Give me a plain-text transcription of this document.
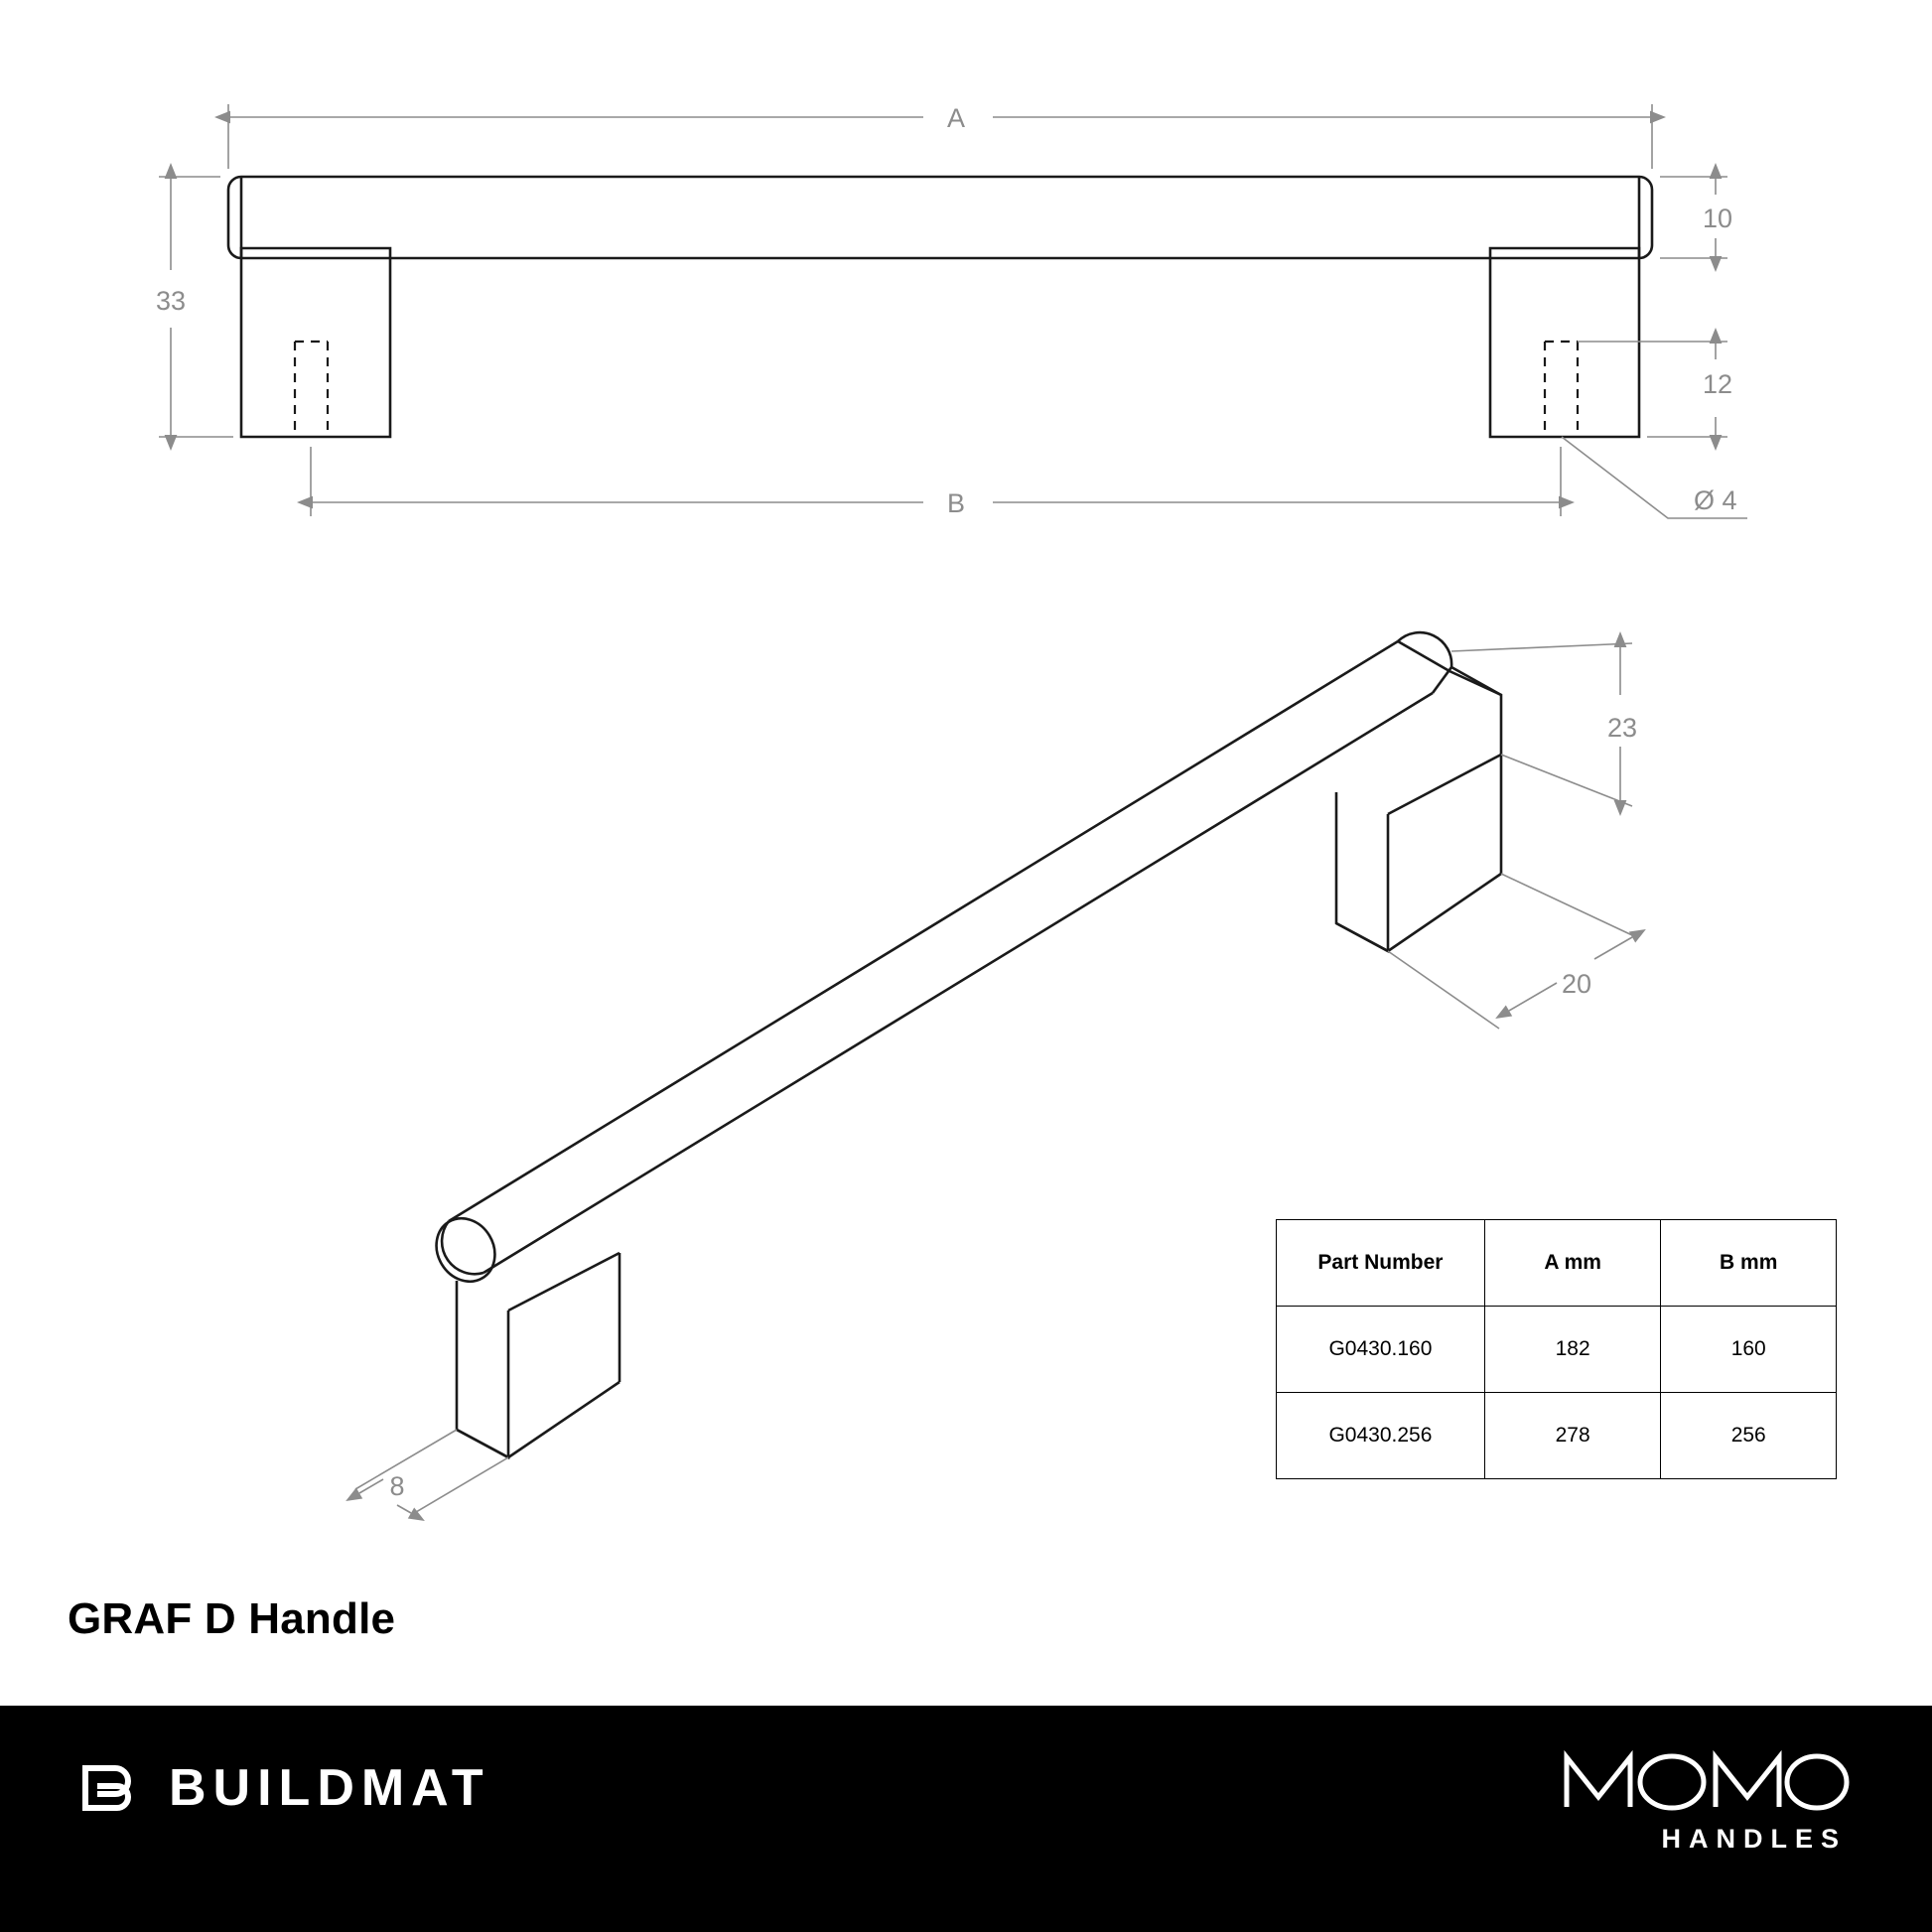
A
33
10
12
B	Ø 4
23
20
8
Part Number	A mm	B mm
G0430.160	182	160
G0430.256	278	256
GRAF D Handle
BUILDMAT
HANDLES
